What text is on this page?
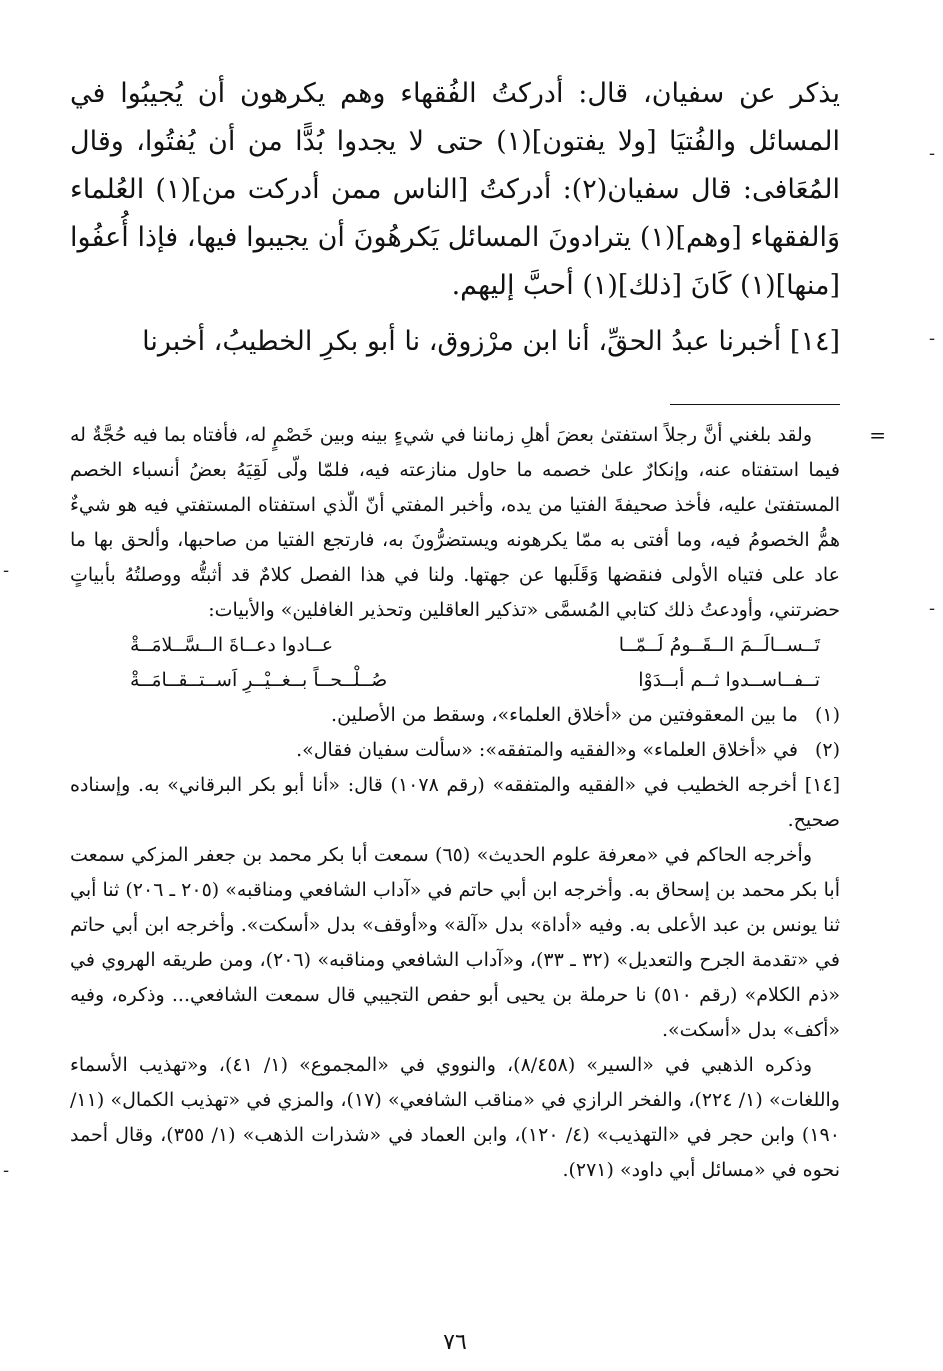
-
-
-
-
-

يذكر عن سفيان، قال: أدركتُ الفُقهاء وهم يكرهون أن يُجيبُوا في المسائل والفُتيَا [ولا يفتون](١) حتى لا يجدوا بُدًّا من أن يُفتُوا، وقال المُعَافى: قال سفيان(٢): أدركتُ [الناس ممن أدركت من](١) العُلماء وَالفقهاء [وهم](١) يترادونَ المسائل يَكرهُونَ أن يجيبوا فيها، فإذا أُعفُوا [منها](١) كَانَ [ذلك](١) أحبَّ إليهم.

[١٤] أخبرنا عبدُ الحقِّ، أنا ابن مرْزوق، نا أبو بكرِ الخطيبُ، أخبرنا

=

ولقد بلغني أنَّ رجلاً استفتىٰ بعضَ أهلِ زماننا في شيءٍ بينه وبين خَصْمٍ له، فأفتاه بما فيه حُجَّةٌ له فيما استفتاه عنه، وإنكارٌ علىٰ خصمه ما حاول منازعته فيه، فلمّا ولّى لَقِيَهُ بعضُ أنسباء الخصم المستفتىٰ عليه، فأخذ صحيفةَ الفتيا من يده، وأخبر المفتي أنّ الّذي استفتاه المستفتي فيه هو شيءٌ همُّ الخصومُ فيه، وما أفتى به ممّا يكرهونه ويستضرُّونَ به، فارتجع الفتيا من صاحبها، وألحق بها ما عاد على فتياه الأولى فنقضها وَقَلَبها عن جهتها. ولنا في هذا الفصل كلامٌ قد أثبتُّه ووصلتُهُ بأبياتٍ حضرتني، وأودعتُ ذلك كتابي المُسمَّى «تذكير العاقلين وتحذير الغافلين» والأبيات:

تَــســالَــمَ الــقَــومُ لَــمّــا
عــادوا دعــاةَ الــسَّــلامَــةْ
تــفــاســدوا ثــم أبــدَوْا
صُــلْــحــاً بــغــيْــرِ اَســتــقــامَــةْ
(١)
ما بين المعقوفتين من «أخلاق العلماء»، وسقط من الأصلين.
(٢)
في «أخلاق العلماء» و«الفقيه والمتفقه»: «سألت سفيان فقال».

[١٤] أخرجه الخطيب في «الفقيه والمتفقه» (رقم ١٠٧٨) قال: «أنا أبو بكر البرقاني» به. وإسناده صحيح.

وأخرجه الحاكم في «معرفة علوم الحديث» (٦٥) سمعت أبا بكر محمد بن جعفر المزكي سمعت أبا بكر محمد بن إسحاق به. وأخرجه ابن أبي حاتم في «آداب الشافعي ومناقبه» (٢٠٥ ـ ٢٠٦) ثنا أبي ثنا يونس بن عبد الأعلى به. وفيه «أداة» بدل «آلة» و«أوقف» بدل «أسكت». وأخرجه ابن أبي حاتم في «تقدمة الجرح والتعديل» (٣٢ ـ ٣٣)، و«آداب الشافعي ومناقبه» (٢٠٦)، ومن طريقه الهروي في «ذم الكلام» (رقم ٥١٠) نا حرملة بن يحيى أبو حفص التجيبي قال سمعت الشافعي... وذكره، وفيه «أكف» بدل «أسكت».

وذكره الذهبي في «السير» (٨/٤٥٨)، والنووي في «المجموع» (١/ ٤١)، و«تهذيب الأسماء واللغات» (١/ ٢٢٤)، والفخر الرازي في «مناقب الشافعي» (١٧)، والمزي في «تهذيب الكمال» (١١/ ١٩٠) وابن حجر في «التهذيب» (٤/ ١٢٠)، وابن العماد في «شذرات الذهب» (١/ ٣٥٥)، وقال أحمد نحوه في «مسائل أبي داود» (٢٧١).

٧٦
